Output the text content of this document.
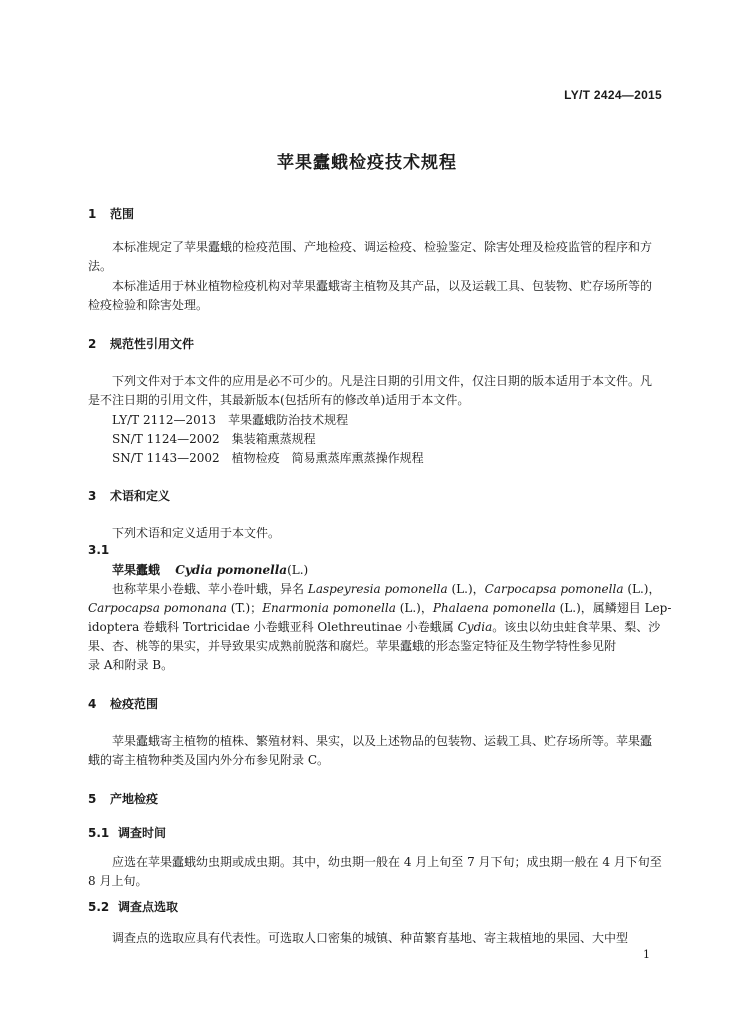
LY/T 2424—2015
苹果蠹蛾检疫技术规程
1 范围
本标准规定了苹果蠹蛾的检疫范围、产地检疫、调运检疫、检验鉴定、除害处理及检疫监管的程序和方法。
本标准适用于林业植物检疫机构对苹果蠹蛾寄主植物及其产品，以及运载工具、包装物、贮存场所等的检疫检验和除害处理。
2 规范性引用文件
下列文件对于本文件的应用是必不可少的。凡是注日期的引用文件，仅注日期的版本适用于本文件。凡是不注日期的引用文件，其最新版本(包括所有的修改单)适用于本文件。
LY/T 2112—2013　苹果蠹蛾防治技术规程
SN/T 1124—2002　集装箱熏蒸规程
SN/T 1143—2002　植物检疫　简易熏蒸库熏蒸操作规程
3 术语和定义
下列术语和定义适用于本文件。
3.1
苹果蠹蛾 Cydia pomonella(L.)
也称苹果小卷蛾、苹小卷叶蛾，异名 Laspeyresia pomonella (L.)，Carpocapsa pomonella (L.)，
Carpocapsa pomonana (T.)；Enarmonia pomonella (L.)，Phalaena pomonella (L.)，属鳞翅目 Lep-
idoptera 卷蛾科 Tortricidae 小卷蛾亚科 Olethreutinae 小卷蛾属 Cydia。该虫以幼虫蛀食苹果、梨、沙
果、杏、桃等的果实，并导致果实成熟前脱落和腐烂。苹果蠹蛾的形态鉴定特征及生物学特性参见附
录 A和附录 B。
4 检疫范围
苹果蠹蛾寄主植物的植株、繁殖材料、果实，以及上述物品的包装物、运载工具、贮存场所等。苹果蠹蛾的寄主植物种类及国内外分布参见附录 C。
5 产地检疫
5.1 调查时间
应选在苹果蠹蛾幼虫期或成虫期。其中，幼虫期一般在 4 月上旬至 7 月下旬；成虫期一般在 4 月下旬至 8 月上旬。
5.2 调查点选取
调查点的选取应具有代表性。可选取人口密集的城镇、种苗繁育基地、寄主栽植地的果园、大中型
1
